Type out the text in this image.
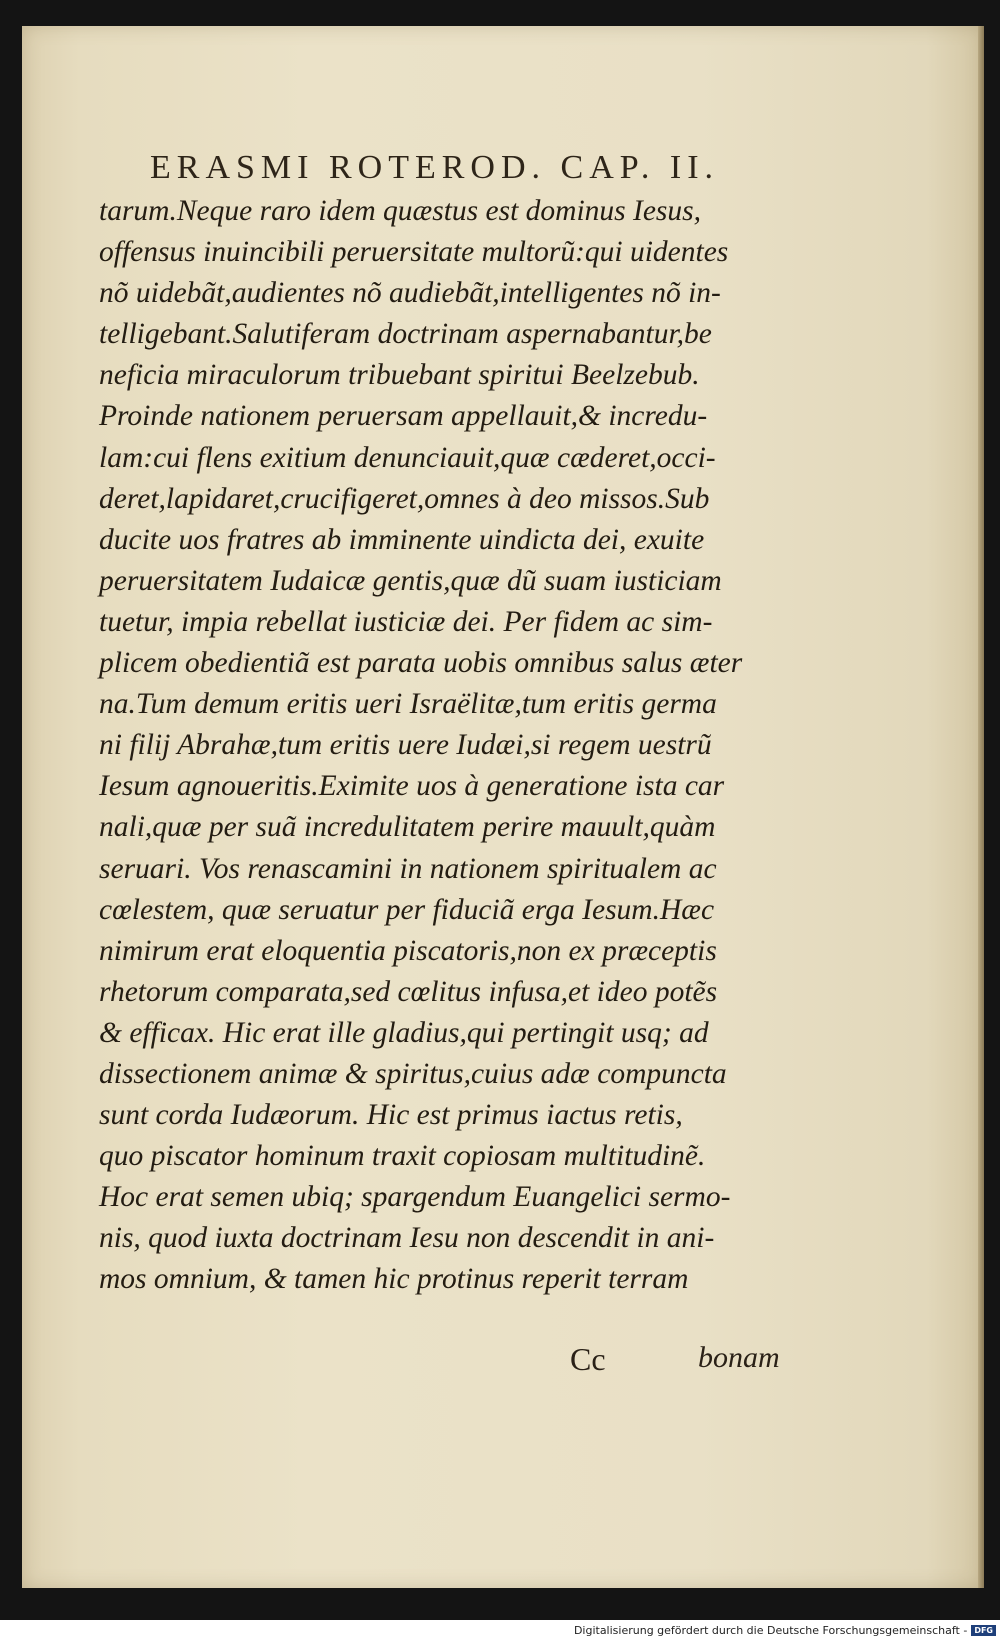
ERASMI ROTEROD. CAP. II.
tarum.Neque raro idem quæstus est dominus Iesus,
offensus inuincibili peruersitate multorũ:qui uidentes
nõ uidebãt,audientes nõ audiebãt,intelligentes nõ in-
telligebant.Salutiferam doctrinam aspernabantur,be
neficia miraculorum tribuebant spiritui Beelzebub.
Proinde nationem peruersam appellauit,& incredu-
lam:cui flens exitium denunciauit,quæ cæderet,occi-
deret,lapidaret,crucifigeret,omnes à deo missos.Sub
ducite uos fratres ab imminente uindicta dei, exuite
peruersitatem Iudaicæ gentis,quæ dũ suam iusticiam
tuetur, impia rebellat iusticiæ dei. Per fidem ac sim-
plicem obedientiã est parata uobis omnibus salus æter
na.Tum demum eritis ueri Israëlitæ,tum eritis germa
ni filij Abrahæ,tum eritis uere Iudæi,si regem uestrũ
Iesum agnoueritis.Eximite uos à generatione ista car
nali,quæ per suã incredulitatem perire mauult,quàm
seruari. Vos renascamini in nationem spiritualem ac
cœlestem, quæ seruatur per fiduciã erga Iesum.Hæc
nimirum erat eloquentia piscatoris,non ex præceptis
rhetorum comparata,sed cœlitus infusa,et ideo potẽs
& efficax. Hic erat ille gladius,qui pertingit usq; ad
dissectionem animæ & spiritus,cuius adæ compuncta
sunt corda Iudæorum. Hic est primus iactus retis,
quo piscator hominum traxit copiosam multitudinẽ.
Hoc erat semen ubiq; spargendum Euangelici sermo-
nis, quod iuxta doctrinam Iesu non descendit in ani-
mos omnium, & tamen hic protinus reperit terram
Cc	bonam
Digitalisierung gefördert durch die Deutsche Forschungsgemeinschaft - DFG
